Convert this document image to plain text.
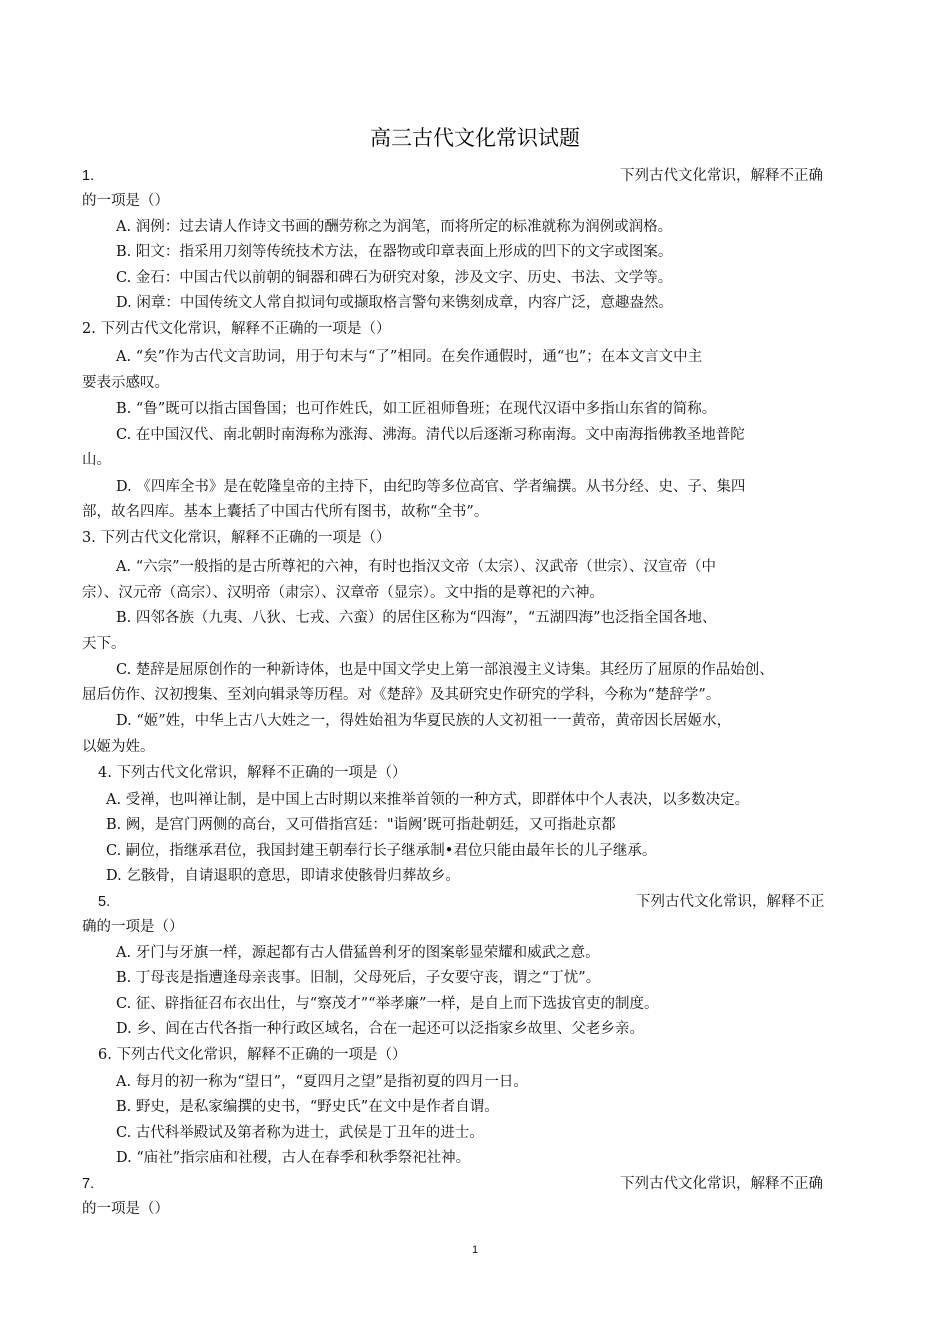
高三古代文化常识试题
1.	下列古代文化常识，解释不正确
的一项是（）
A. 润例：过去请人作诗文书画的酬劳称之为润笔，而将所定的标准就称为润例或润格。
B. 阳文：指采用刀刻等传统技术方法，在器物或印章表面上形成的凹下的文字或图案。
C. 金石：中国古代以前朝的铜器和碑石为研究对象，涉及文字、历史、书法、文学等。
D. 闲章：中国传统文人常自拟词句或撷取格言警句来镌刻成章，内容广泛，意趣盎然。
2. 下列古代文化常识，解释不正确的一项是（）
A. “矣”作为古代文言助词，用于句末与“了”相同。在矣作通假时，通“也”；在本文言文中主
要表示感叹。
B. “鲁”既可以指古国鲁国；也可作姓氏，如工匠祖师鲁班；在现代汉语中多指山东省的简称。
C. 在中国汉代、南北朝时南海称为涨海、沸海。清代以后逐渐习称南海。文中南海指佛教圣地普陀
山。
D. 《四库全书》是在乾隆皇帝的主持下，由纪昀等多位高官、学者编撰。从书分经、史、子、集四
部，故名四库。基本上囊括了中国古代所有图书，故称“全书”。
3. 下列古代文化常识，解释不正确的一项是（）
A. “六宗”一般指的是古所尊祀的六神，有时也指汉文帝（太宗）、汉武帝（世宗）、汉宣帝（中
宗）、汉元帝（高宗）、汉明帝（肃宗）、汉章帝（显宗）。文中指的是尊祀的六神。
B. 四邻各族（九夷、八狄、七戎、六蛮）的居住区称为“四海”，“五湖四海”也泛指全国各地、
天下。
C. 楚辞是屈原创作的一种新诗体，也是中国文学史上第一部浪漫主义诗集。其经历了屈原的作品始创、
屈后仿作、汉初搜集、至刘向辑录等历程。对《楚辞》及其研究史作研究的学科，今称为“楚辞学”。
D. “姬”姓，中华上古八大姓之一，得姓始祖为华夏民族的人文初祖一一黄帝，黄帝因长居姬水，
以姬为姓。
4. 下列古代文化常识，解释不正确的一项是（）
A. 受禅，也叫禅让制，是中国上古时期以来推举首领的一种方式，即群体中个人表决，以多数决定。
B. 阙，是宫门两侧的高台，又可借指宫廷："诣阙’既可指赴朝廷，又可指赴京都
C. 嗣位，指继承君位，我国封建王朝奉行长子继承制•君位只能由最年长的儿子继承。
D. 乞骸骨，自请退职的意思，即请求使骸骨归葬故乡。
5.	下列古代文化常识，解释不正
确的一项是（）
A. 牙门与牙旗一样，源起都有古人借猛兽利牙的图案彰显荣耀和威武之意。
B. 丁母丧是指遭逢母亲丧事。旧制，父母死后，子女要守丧，谓之“丁忧”。
C. 征、辟指征召布衣出仕，与“察茂才”“举孝廉”一样，是自上而下选拔官吏的制度。
D. 乡、闾在古代各指一种行政区域名，合在一起还可以泛指家乡故里、父老乡亲。
6. 下列古代文化常识，解释不正确的一项是（）
A. 每月的初一称为“望日”，“夏四月之望”是指初夏的四月一日。
B. 野史，是私家编撰的史书，“野史氏”在文中是作者自谓。
C. 古代科举殿试及第者称为进士，武侯是丁丑年的进士。
D. “庙社”指宗庙和社稷，古人在春季和秋季祭祀社神。
7.	下列古代文化常识，解释不正确
的一项是（）
1
